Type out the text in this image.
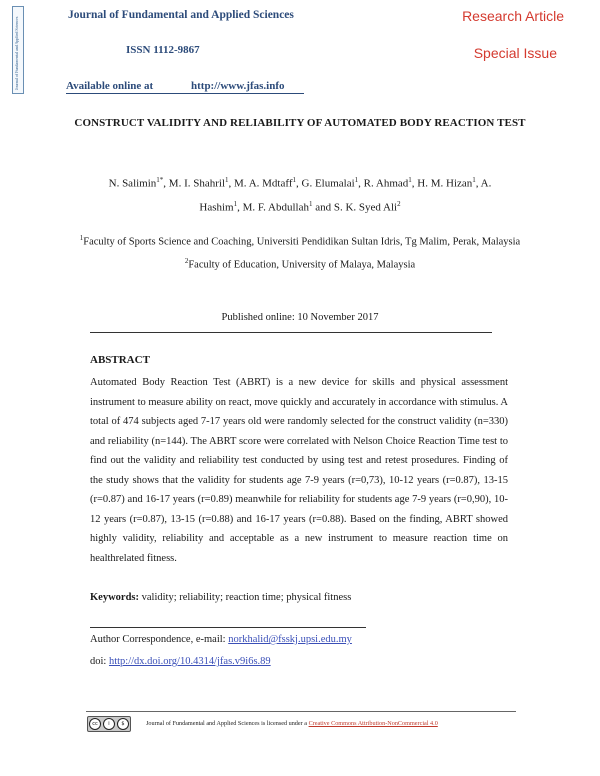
Journal of Fundamental and Applied Sciences
Journal of Fundamental and Applied Sciences
ISSN 1112-9867
Available online at	http://www.jfas.info
Research Article
Special Issue
CONSTRUCT VALIDITY AND RELIABILITY OF AUTOMATED BODY REACTION TEST
N. Salimin$^{1*}$, M. I. Shahril$^1$, M. A. Mdtaff$^1$, G. Elumalai$^1$, R. Ahmad$^1$, H. M. Hizan$^1$, A.
Hashim$^1$, M. F. Abdullah$^1$ and S. K. Syed Ali$^2$
$^1$Faculty of Sports Science and Coaching, Universiti Pendidikan Sultan Idris, Tg Malim, Perak, Malaysia
$^2$Faculty of Education, University of Malaya, Malaysia
Published online: 10 November 2017
ABSTRACT
Automated Body Reaction Test (ABRT) is a new device for skills and physical assessment instrument to measure ability on react, move quickly and accurately in accordance with stimulus. A total of 474 subjects aged 7-17 years old were randomly selected for the construct validity (n=330) and reliability (n=144). The ABRT score were correlated with Nelson Choice Reaction Time test to find out the validity and reliability test conducted by using test and retest prosedures. Finding of the study shows that the validity for students age 7-9 years (r=0,73), 10-12 years (r=0.87), 13-15 (r=0.87) and 16-17 years (r=0.89) meanwhile for reliability for students age 7-9 years (r=0,90), 10-12 years (r=0.87), 13-15 (r=0.88) and 16-17 years (r=0.88). Based on the finding, ABRT showed highly validity, reliability and acceptable as a new instrument to measure reaction time on healthrelated fitness.
Keywords: validity; reliability; reaction time; physical fitness
Author Correspondence, e-mail: norkhalid@fsskj.upsi.edu.my
doi: http://dx.doi.org/10.4314/jfas.v9i6s.89
cc	i	$	Journal of Fundamental and Applied Sciences is licensed under a Creative Commons Attribution-NonCommercial 4.0
